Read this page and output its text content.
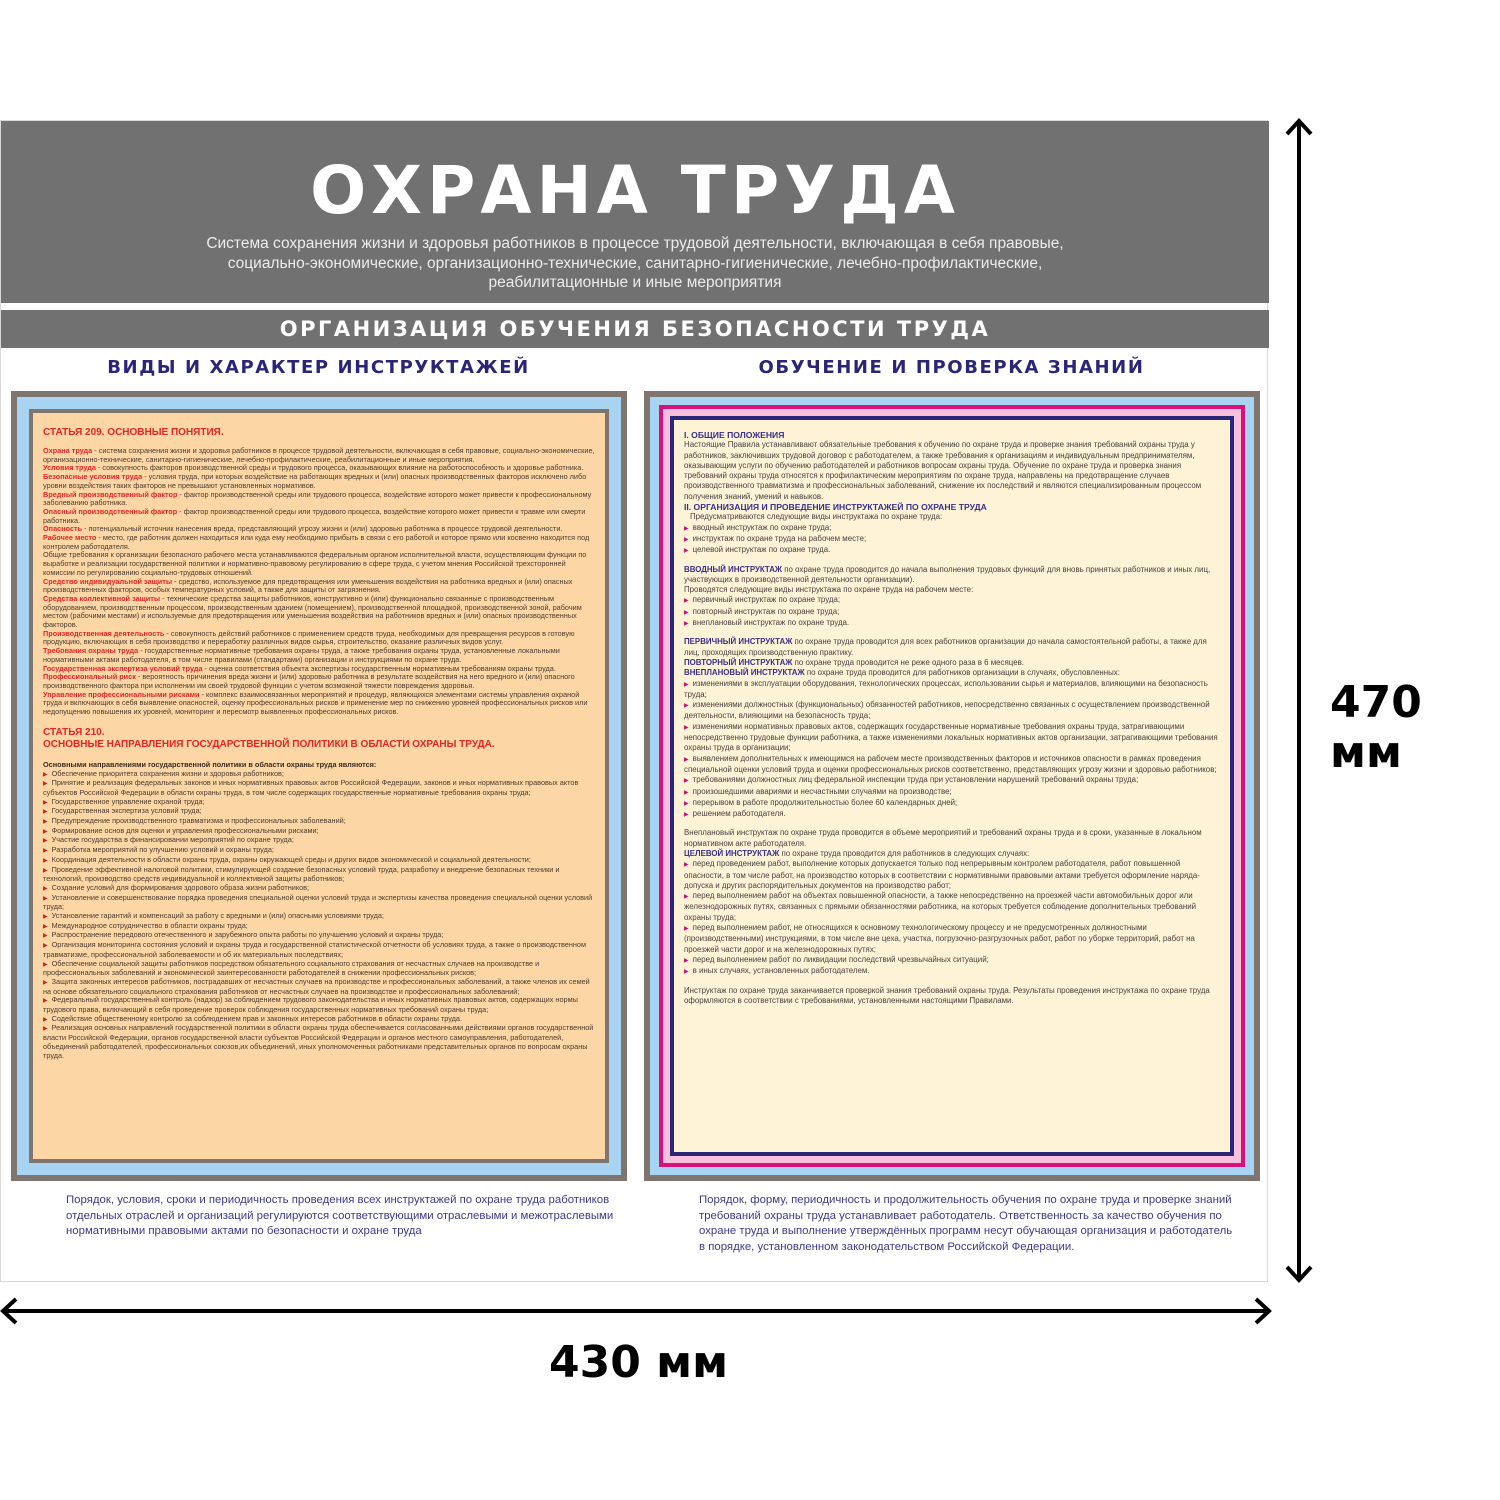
ОХРАНА ТРУДА
Система сохранения жизни и здоровья работников в процессе трудовой деятельности, включающая в себя правовые, социально-экономические, организационно-технические, санитарно-гигиенические, лечебно-профилактические, реабилитационные и иные мероприятия
ОРГАНИЗАЦИЯ ОБУЧЕНИЯ БЕЗОПАСНОСТИ ТРУДА
ВИДЫ И ХАРАКТЕР ИНСТРУКТАЖЕЙ	ОБУЧЕНИЕ И ПРОВЕРКА ЗНАНИЙ
СТАТЬЯ 209. ОСНОВНЫЕ ПОНЯТИЯ.

Охрана труда - система сохранения жизни и здоровья работников в процессе трудовой деятельности, включающая в себя правовые, социально-экономические, организационно-технические, санитарно-гигиенические, лечебно-профилактические, реабилитационные и иные мероприятия.

Условия труда - совокупность факторов производственной среды и трудового процесса, оказывающих влияние на работоспособность и здоровье работника.

Безопасные условия труда - условия труда, при которых воздействие на работающих вредных и (или) опасных производственных факторов исключено либо уровни воздействия таких факторов не превышают установленных нормативов.

Вредный производственный фактор - фактор производственной среды или трудового процесса, воздействие которого может привести к профессиональному заболеванию работника.

Опасный производственный фактор - фактор производственной среды или трудового процесса, воздействие которого может привести к травме или смерти работника.

Опасность - потенциальный источник нанесения вреда, представляющий угрозу жизни и (или) здоровью работника в процессе трудовой деятельности.

Рабочее место - место, где работник должен находиться или куда ему необходимо прибыть в связи с его работой и которое прямо или косвенно находится под контролем работодателя.

Общие требования к организации безопасного рабочего места устанавливаются федеральным органом исполнительной власти, осуществляющим функции по выработке и реализации государственной политики и нормативно-правовому регулированию в сфере труда, с учетом мнения Российской трехсторонней комиссии по регулированию социально-трудовых отношений.

Средство индивидуальной защиты - средство, используемое для предотвращения или уменьшения воздействия на работника вредных и (или) опасных производственных факторов, особых температурных условий, а также для защиты от загрязнения.

Средства коллективной защиты - технические средства защиты работников, конструктивно и (или) функционально связанные с производственным оборудованием, производственным процессом, производственным зданием (помещением), производственной площадкой, производственной зоной, рабочим местом (рабочими местами) и используемые для предотвращения или уменьшения воздействия на работников вредных и (или) опасных производственных факторов.

Производственная деятельность - совокупность действий работников с применением средств труда, необходимых для превращения ресурсов в готовую продукцию, включающих в себя производство и переработку различных видов сырья, строительство, оказание различных видов услуг.

Требования охраны труда - государственные нормативные требования охраны труда, а также требования охраны труда, установленные локальными нормативными актами работодателя, в том числе правилами (стандартами) организации и инструкциями по охране труда.

Государственная экспертиза условий труда - оценка соответствия объекта экспертизы государственным нормативным требованиям охраны труда.

Профессиональный риск - вероятность причинения вреда жизни и (или) здоровью работника в результате воздействия на него вредного и (или) опасного производственного фактора при исполнении им своей трудовой функции с учетом возможной тяжести повреждения здоровья.

Управление профессиональными рисками - комплекс взаимосвязанных мероприятий и процедур, являющихся элементами системы управления охраной труда и включающих в себя выявление опасностей, оценку профессиональных рисков и применение мер по снижению уровней профессиональных рисков или недопущению повышения их уровней, мониторинг и пересмотр выявленных профессиональных рисков.

СТАТЬЯ 210.
ОСНОВНЫЕ НАПРАВЛЕНИЯ ГОСУДАРСТВЕННОЙ ПОЛИТИКИ В ОБЛАСТИ ОХРАНЫ ТРУДА.

Основными направлениями государственной политики в области охраны труда являются:

▶ Обеспечение приоритета сохранения жизни и здоровья работников;

▶ Принятие и реализация федеральных законов и иных нормативных правовых актов Российской Федерации, законов и иных нормативных правовых актов субъектов Российской Федерации в области охраны труда, в том числе содержащих государственные нормативные требования охраны труда;

▶ Государственное управление охраной труда;

▶ Государственная экспертиза условий труда;

▶ Предупреждение производственного травматизма и профессиональных заболеваний;

▶ Формирование основ для оценки и управления профессиональными рисками;

▶ Участие государства в финансировании мероприятий по охране труда;

▶ Разработка мероприятий по улучшению условий и охраны труда;

▶ Координация деятельности в области охраны труда, охраны окружающей среды и других видов экономической и социальной деятельности;

▶ Проведение эффективной налоговой политики, стимулирующей создание безопасных условий труда, разработку и внедрение безопасных техники и технологий, производство средств индивидуальной и коллективной защиты работников;

▶ Создание условий для формирования здорового образа жизни работников;

▶ Установление и совершенствование порядка проведения специальной оценки условий труда и экспертизы качества проведения специальной оценки условий труда;

▶ Установление гарантий и компенсаций за работу с вредными и (или) опасными условиями труда;

▶ Международное сотрудничество в области охраны труда;

▶ Распространение передового отечественного и зарубежного опыта работы по улучшению условий и охраны труда;

▶ Организация мониторинга состояния условий и охраны труда и государственной статистической отчетности об условиях труда, а также о производственном травматизме, профессиональной заболеваемости и об их материальных последствиях;

▶ Обеспечение социальной защиты работников посредством обязательного социального страхования от несчастных случаев на производстве и профессиональных заболеваний и экономической заинтересованности работодателей в снижении профессиональных рисков;

▶ Защита законных интересов работников, пострадавших от несчастных случаев на производстве и профессиональных заболеваний, а также членов их семей на основе обязательного социального страхования работников от несчастных случаев на производстве и профессиональных заболеваний;

▶ Федеральный государственный контроль (надзор) за соблюдением трудового законодательства и иных нормативных правовых актов, содержащих нормы трудового права, включающий в себя проведение проверок соблюдения государственных нормативных требований охраны труда;

▶ Содействие общественному контролю за соблюдением прав и законных интересов работников в области охраны труда.

▶ Реализация основных направлений государственной политики в области охраны труда обеспечивается согласованными действиями органов государственной власти Российской Федерации, органов государственной власти субъектов Российской Федерации и органов местного самоуправления, работодателей, объединений работодателей, профессиональных союзов,их объединений, иных уполномоченных работниками представительных органов по вопросам охраны труда.

I. ОБЩИЕ ПОЛОЖЕНИЯ

Настоящие Правила устанавливают обязательные требования к обучению по охране труда и проверке знания требований охраны труда у работников, заключивших трудовой договор с работодателем, а также требования к организациям и индивидуальным предпринимателям, оказывающим услуги по обучению работодателей и работников вопросам охраны труда. Обучение по охране труда и проверка знания требований охраны труда относятся к профилактическим мероприятиям по охране труда, направлены на предотвращение случаев производственного травматизма и профессиональных заболеваний, снижение их последствий и являются специализированным процессом получения знаний, умений и навыков.

II. ОРГАНИЗАЦИЯ И ПРОВЕДЕНИЕ ИНСТРУКТАЖЕЙ ПО ОХРАНЕ ТРУДА

Предусматриваются следующие виды инструктажа по охране труда:

▶ вводный инструктаж по охране труда;

▶ инструктаж по охране труда на рабочем месте;

▶ целевой инструктаж по охране труда.

ВВОДНЫЙ ИНСТРУКТАЖ по охране труда проводится до начала выполнения трудовых функций для вновь принятых работников и иных лиц, участвующих в производственной деятельности организации).

Проводятся следующие виды инструктажа по охране труда на рабочем месте:

▶ первичный инструктаж по охране труда;

▶ повторный инструктаж по охране труда;

▶ внеплановый инструктаж по охране труда.

ПЕРВИЧНЫЙ ИНСТРУКТАЖ по охране труда проводится для всех работников организации до начала самостоятельной работы, а также для лиц, проходящих производственную практику.

ПОВТОРНЫЙ ИНСТРУКТАЖ по охране труда проводится не реже одного раза в 6 месяцев.

ВНЕПЛАНОВЫЙ ИНСТРУКТАЖ по охране труда проводится для работников организации в случаях, обусловленных:

▶ изменениями в эксплуатации оборудования, технологических процессах, использовании сырья и материалов, влияющими на безопасность труда;

▶ изменениями должностных (функциональных) обязанностей работников, непосредственно связанных с осуществлением производственной деятельности, влияющими на безопасность труда;

▶ изменениями нормативных правовых актов, содержащих государственные нормативные требования охраны труда, затрагивающими непосредственно трудовые функции работника, а также изменениями локальных нормативных актов организации, затрагивающими требования охраны труда в организации;

▶ выявлением дополнительных к имеющимся на рабочем месте производственных факторов и источников опасности в рамках проведения специальной оценки условий труда и оценки профессиональных рисков соответственно, представляющих угрозу жизни и здоровью работников;

▶ требованиями должностных лиц федеральной инспекции труда при установлении нарушений требований охраны труда;

▶ произошедшими авариями и несчастными случаями на производстве;

▶ перерывом в работе продолжительностью более 60 календарных дней;

▶ решением работодателя.

Внеплановый инструктаж по охране труда проводится в объеме мероприятий и требований охраны труда и в сроки, указанные в локальном нормативном акте работодателя.

ЦЕЛЕВОЙ ИНСТРУКТАЖ по охране труда проводится для работников в следующих случаях:

▶ перед проведением работ, выполнение которых допускается только под непрерывным контролем работодателя, работ повышенной опасности, в том числе работ, на производство которых в соответствии с нормативными правовыми актами требуется оформление наряда-допуска и других распорядительных документов на производство работ;

▶ перед выполнением работ на объектах повышенной опасности, а также непосредственно на проезжей части автомобильных дорог или железнодорожных путях, связанных с прямыми обязанностями работника, на которых требуется соблюдение дополнительных требований охраны труда;

▶ перед выполнением работ, не относящихся к основному технологическому процессу и не предусмотренных должностными (производственными) инструкциями, в том числе вне цеха, участка, погрузочно-разгрузочных работ, работ по уборке территорий, работ на проезжей части дорог и на железнодорожных путях;

▶ перед выполнением работ по ликвидации последствий чрезвычайных ситуаций;

▶ в иных случаях, установленных работодателем.

Инструктаж по охране труда заканчивается проверкой знания требований охраны труда. Результаты проведения инструктажа по охране труда оформляются в соответствии с требованиями, установленными настоящими Правилами.

Порядок, условия, сроки и периодичность проведения всех инструктажей по охране труда работников отдельных отраслей и организаций регулируются соответствующими отраслевыми и межотраслевыми нормативными правовыми актами по безопасности и охране труда
Порядок, форму, периодичность и продолжительность обучения по охране труда и проверке знаний требований охраны труда устанавливает работодатель. Ответственность за качество обучения по охране труда и выполнение утверждённых программ несут обучающая организация и работодатель в порядке, установленном законодательством Российской Федерации.
470 мм
430 мм
